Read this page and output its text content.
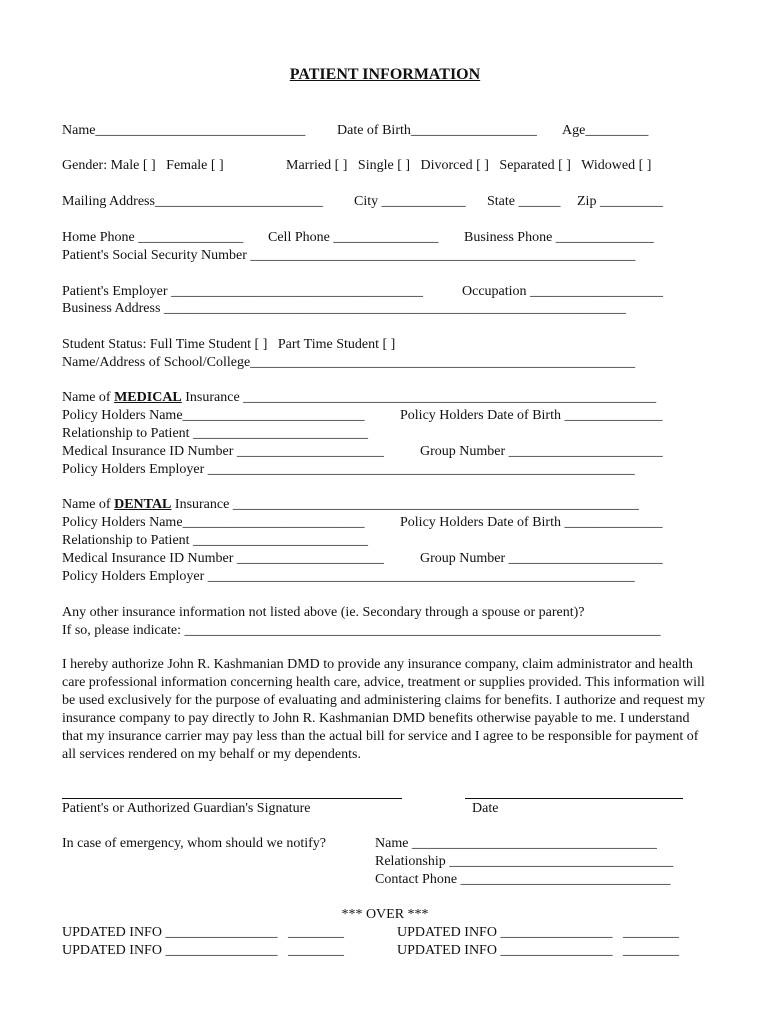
PATIENT INFORMATION
Name______________________________ Date of Birth__________________ Age_________
Gender: Male [ ]   Female [ ]	Married [ ]   Single [ ]   Divorced [ ]   Separated [ ]   Widowed [ ]
Mailing Address________________________ City ____________ State ______ Zip _________
Home Phone _______________ Cell Phone _______________ Business Phone ______________
Patient's Social Security Number _______________________________________________________
Patient's Employer ____________________________________	Occupation ___________________
Business Address __________________________________________________________________
Student Status: Full Time Student [ ]   Part Time Student [ ]
Name/Address of School/College_______________________________________________________
Name of MEDICAL Insurance ___________________________________________________________
Policy Holders Name__________________________	Policy Holders Date of Birth ______________
Relationship to Patient _________________________
Medical Insurance ID Number _____________________	Group Number ______________________
Policy Holders Employer _____________________________________________________________
Name of DENTAL Insurance __________________________________________________________
Policy Holders Name__________________________	Policy Holders Date of Birth ______________
Relationship to Patient _________________________
Medical Insurance ID Number _____________________	Group Number ______________________
Policy Holders Employer _____________________________________________________________
Any other insurance information not listed above (ie. Secondary through a spouse or parent)?
If so, please indicate: ____________________________________________________________________
I hereby authorize John R. Kashmanian DMD to provide any insurance company, claim administrator and health care professional information concerning health care, advice, treatment or supplies provided. This information will be used exclusively for the purpose of evaluating and administering claims for benefits. I authorize and request my insurance company to pay directly to John R. Kashmanian DMD benefits otherwise payable to me. I understand that my insurance carrier may pay less than the actual bill for service and I agree to be responsible for payment of all services rendered on my behalf or my dependents.
Patient's or Authorized Guardian's Signature	Date
In case of emergency, whom should we notify?	Name ___________________________________
Relationship ________________________________
Contact Phone ______________________________
*** OVER ***
UPDATED INFO ________________   ________
UPDATED INFO ________________   ________
UPDATED INFO ________________   ________
UPDATED INFO ________________   ________
